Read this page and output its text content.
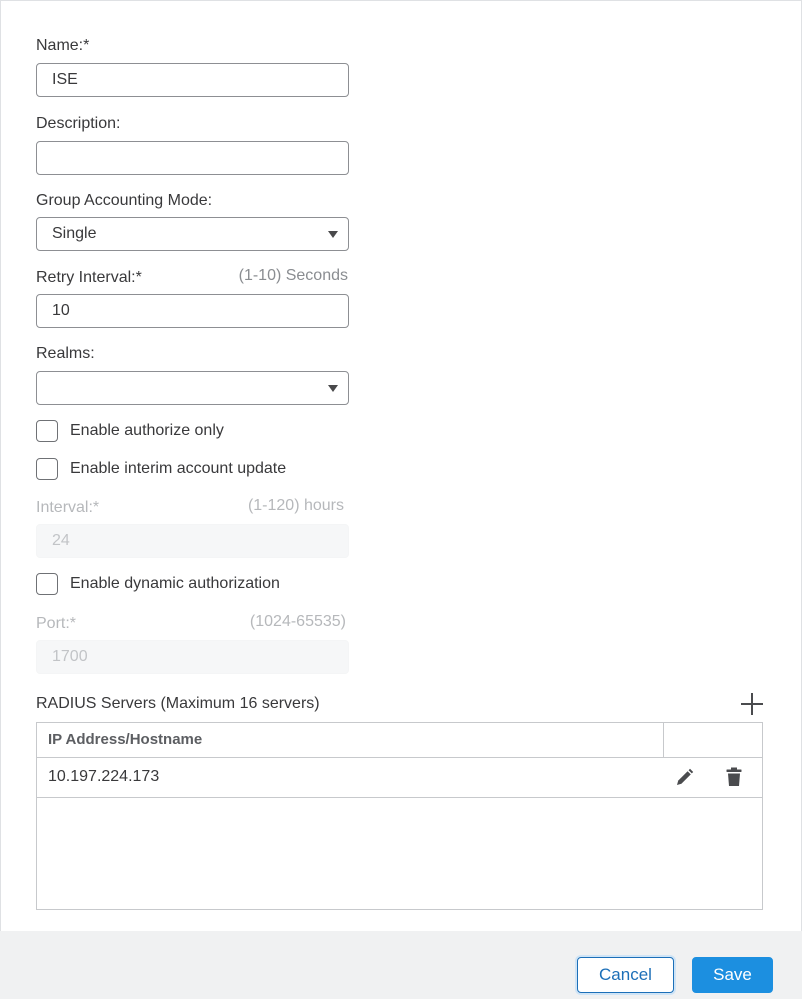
Name:*
ISE
Description:
Group Accounting Mode:
Single
Retry Interval:*	(1-10) Seconds
10
Realms:
Enable authorize only
Enable interim account update
Interval:*	(1-120) hours
24
Enable dynamic authorization
Port:*	(1024-65535)
1700
RADIUS Servers (Maximum 16 servers)
IP Address/Hostname
10.197.224.173
Cancel	Save
